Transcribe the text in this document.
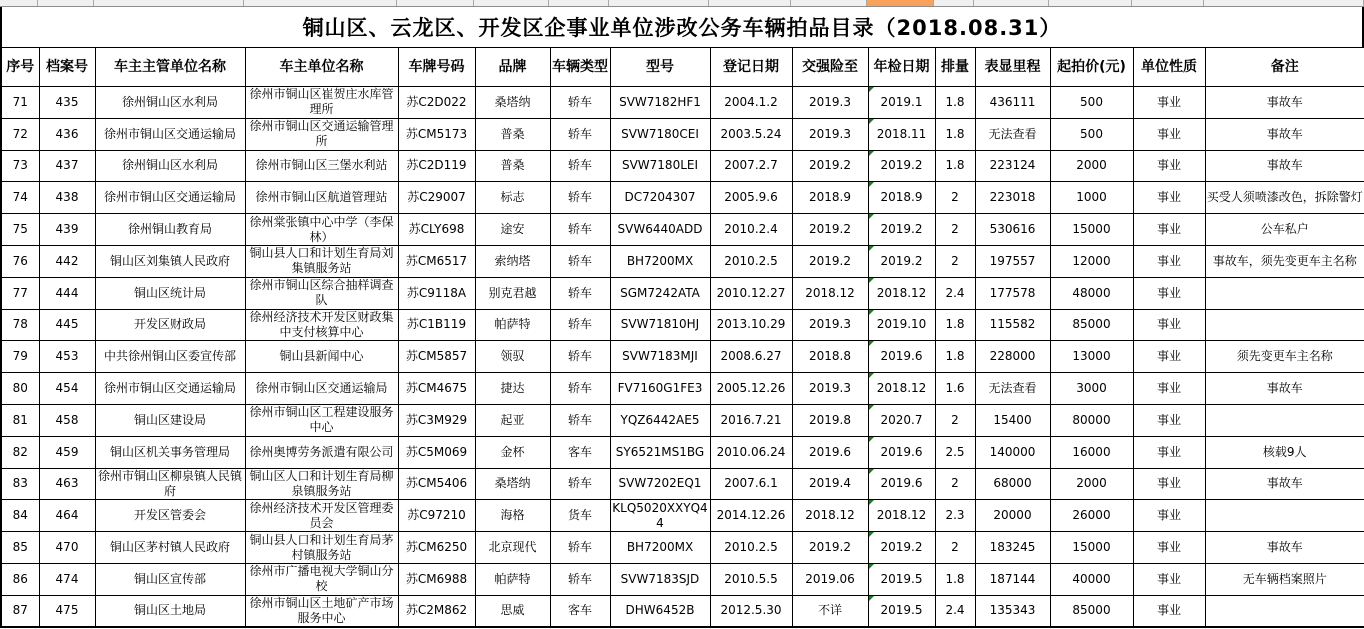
铜山区、云龙区、开发区企事业单位涉改公务车辆拍品目录（2018.08.31）
序号	档案号	车主主管单位名称	车主单位名称	车牌号码	品牌	车辆类型	型号	登记日期	交强险至	年检日期	排量	表显里程	起拍价(元)	单位性质	备注
71	435	徐州铜山区水利局	徐州市铜山区崔贺庄水库管理所	苏C2D022	桑塔纳	轿车	SVW7182HF1	2004.1.2	2019.3	2019.1	1.8	436111	500	事业	事故车
72	436	徐州市铜山区交通运输局	徐州市铜山区交通运输管理所	苏CM5173	普桑	轿车	SVW7180CEI	2003.5.24	2019.3	2018.11	1.8	无法查看	500	事业	事故车
73	437	徐州铜山区水利局	徐州市铜山区三堡水利站	苏C2D119	普桑	轿车	SVW7180LEI	2007.2.7	2019.2	2019.2	1.8	223124	2000	事业	事故车
74	438	徐州市铜山区交通运输局	徐州市铜山区航道管理站	苏C29007	标志	轿车	DC7204307	2005.9.6	2018.9	2018.9	2	223018	1000	事业	买受人须喷漆改色，拆除警灯
75	439	徐州铜山教育局	徐州棠张镇中心中学（李保林）	苏CLY698	途安	轿车	SVW6440ADD	2010.2.4	2019.2	2019.2	2	530616	15000	事业	公车私户
76	442	铜山区刘集镇人民政府	铜山县人口和计划生育局刘集镇服务站	苏CM6517	索纳塔	轿车	BH7200MX	2010.2.5	2019.2	2019.2	2	197557	12000	事业	事故车，须先变更车主名称
77	444	铜山区统计局	徐州市铜山区综合抽样调查队	苏C9118A	别克君越	轿车	SGM7242ATA	2010.12.27	2018.12	2018.12	2.4	177578	48000	事业	
78	445	开发区财政局	徐州经济技术开发区财政集中支付核算中心	苏C1B119	帕萨特	轿车	SVW71810HJ	2013.10.29	2019.3	2019.10	1.8	115582	85000	事业	
79	453	中共徐州铜山区委宣传部	铜山县新闻中心	苏CM5857	领驭	轿车	SVW7183MJI	2008.6.27	2018.8	2019.6	1.8	228000	13000	事业	须先变更车主名称
80	454	徐州市铜山区交通运输局	徐州市铜山区交通运输局	苏CM4675	捷达	轿车	FV7160G1FE3	2005.12.26	2019.3	2018.12	1.6	无法查看	3000	事业	事故车
81	458	铜山区建设局	徐州市铜山区工程建设服务中心	苏C3M929	起亚	轿车	YQZ6442AE5	2016.7.21	2019.8	2020.7	2	15400	80000	事业	
82	459	铜山区机关事务管理局	徐州奥博劳务派遣有限公司	苏C5M069	金杯	客车	SY6521MS1BG	2010.06.24	2019.6	2019.6	2.5	140000	16000	事业	核载9人
83	463	徐州市铜山区柳泉镇人民镇府	铜山区人口和计划生育局柳泉镇服务站	苏CM5406	桑塔纳	轿车	SVW7202EQ1	2007.6.1	2019.4	2019.6	2	68000	2000	事业	事故车
84	464	开发区管委会	徐州经济技术开发区管理委员会	苏C97210	海格	货车	KLQ5020XXYQ44	2014.12.26	2018.12	2018.12	2.3	20000	26000	事业	
85	470	铜山区茅村镇人民政府	铜山县人口和计划生育局茅村镇服务站	苏CM6250	北京现代	轿车	BH7200MX	2010.2.5	2019.2	2019.2	2	183245	15000	事业	事故车
86	474	铜山区宣传部	徐州市广播电视大学铜山分校	苏CM6988	帕萨特	轿车	SVW7183SJD	2010.5.5	2019.06	2019.5	1.8	187144	40000	事业	无车辆档案照片
87	475	铜山区土地局	徐州市铜山区土地矿产市场服务中心	苏C2M862	思威	客车	DHW6452B	2012.5.30	不详	2019.5	2.4	135343	85000	事业	
